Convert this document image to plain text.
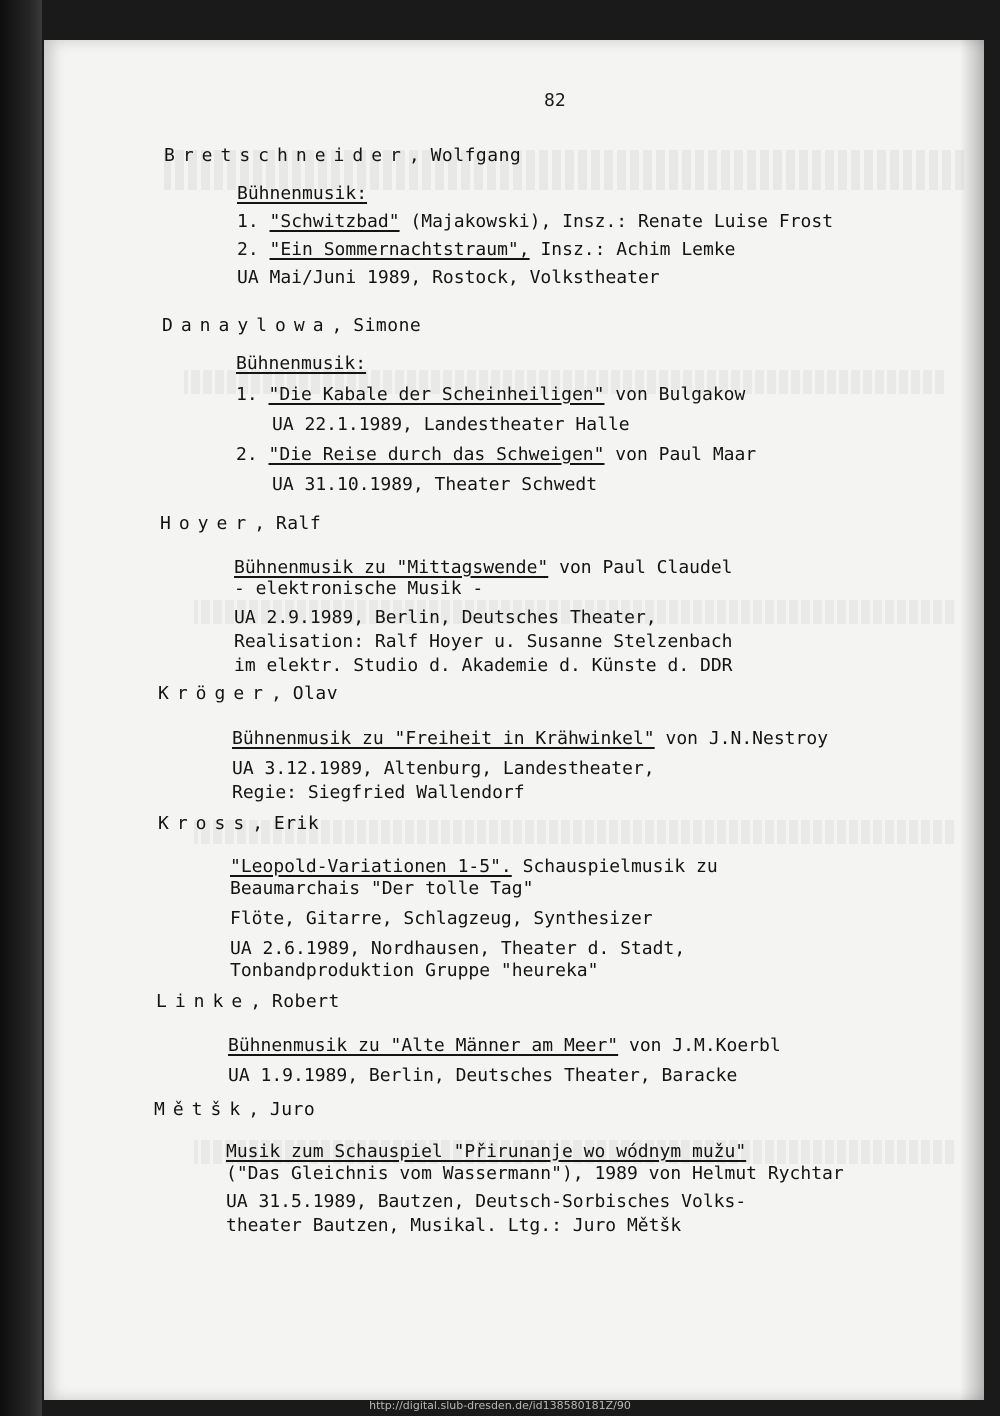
82
Bretschneider, Wolfgang
Bühnenmusik:
1. "Schwitzbad" (Majakowski), Insz.: Renate Luise Frost
2. "Ein Sommernachtstraum", Insz.: Achim Lemke
UA Mai/Juni 1989, Rostock, Volkstheater
Danaylowa, Simone
Bühnenmusik:
1. "Die Kabale der Scheinheiligen" von Bulgakow
UA 22.1.1989, Landestheater Halle
2. "Die Reise durch das Schweigen" von Paul Maar
UA 31.10.1989, Theater Schwedt
Hoyer, Ralf
Bühnenmusik zu "Mittagswende" von Paul Claudel
- elektronische Musik -
UA 2.9.1989, Berlin, Deutsches Theater,
Realisation: Ralf Hoyer u. Susanne Stelzenbach
im elektr. Studio d. Akademie d. Künste d. DDR
Kröger, Olav
Bühnenmusik zu "Freiheit in Krähwinkel" von J.N.Nestroy
UA 3.12.1989, Altenburg, Landestheater,
Regie: Siegfried Wallendorf
Kross, Erik
"Leopold-Variationen 1-5". Schauspielmusik zu
Beaumarchais "Der tolle Tag"
Flöte, Gitarre, Schlagzeug, Synthesizer
UA 2.6.1989, Nordhausen, Theater d. Stadt,
Tonbandproduktion Gruppe "heureka"
Linke, Robert
Bühnenmusik zu "Alte Männer am Meer" von J.M.Koerbl
UA 1.9.1989, Berlin, Deutsches Theater, Baracke
Mětšk, Juro
Musik zum Schauspiel "Přirunanje wo wódnym mužu"
("Das Gleichnis vom Wassermann"), 1989 von Helmut Rychtar
UA 31.5.1989, Bautzen, Deutsch-Sorbisches Volks-
theater Bautzen, Musikal. Ltg.: Juro Mětšk
http://digital.slub-dresden.de/id138580181Z/90
